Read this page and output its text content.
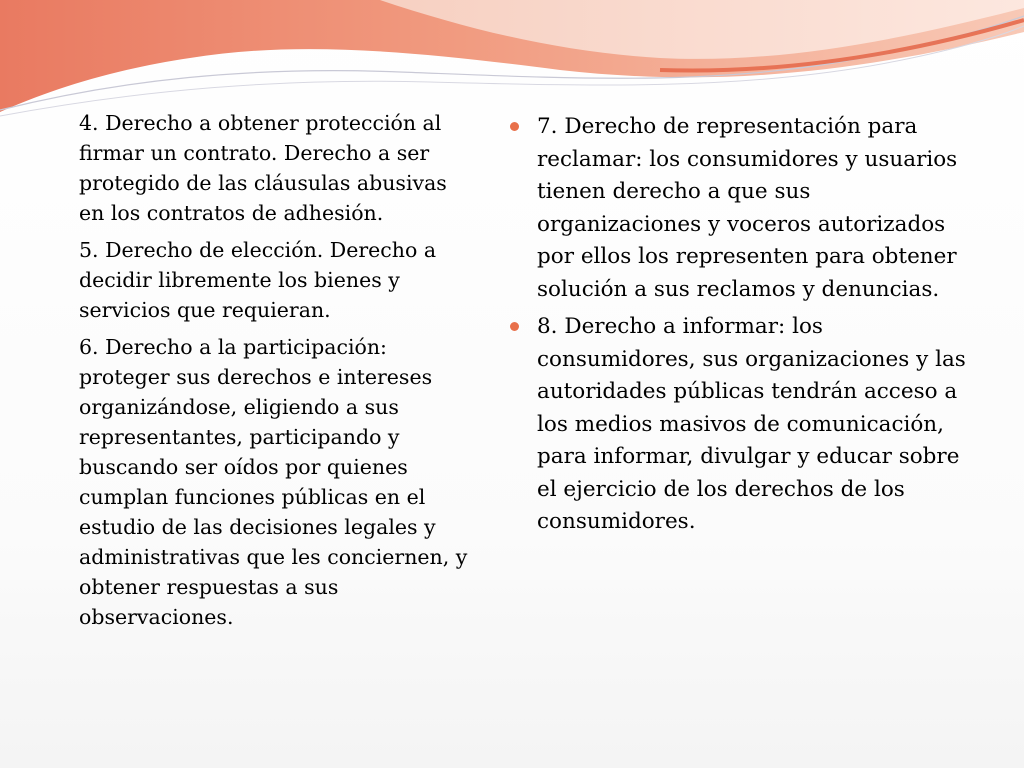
4. Derecho a obtener protección al firmar un contrato. Derecho a ser protegido de las cláusulas abusivas en los contratos de adhesión.

5. Derecho de elección. Derecho a decidir libremente los bienes y servicios que requieran.

6. Derecho a la participación: proteger sus derechos e intereses organizándose, eligiendo a sus representantes, participando y buscando ser oídos por quienes cumplan funciones públicas en el estudio de las decisiones legales y administrativas que les conciernen, y obtener respuestas a sus observaciones.

7. Derecho de representación para reclamar: los consumidores y usuarios tienen derecho a que sus organizaciones y voceros autorizados por ellos los representen para obtener solución a sus reclamos y denuncias.
8. Derecho a informar: los consumidores, sus organizaciones y las autoridades públicas tendrán acceso a los medios masivos de comunicación, para informar, divulgar y educar sobre el ejercicio de los derechos de los consumidores.
